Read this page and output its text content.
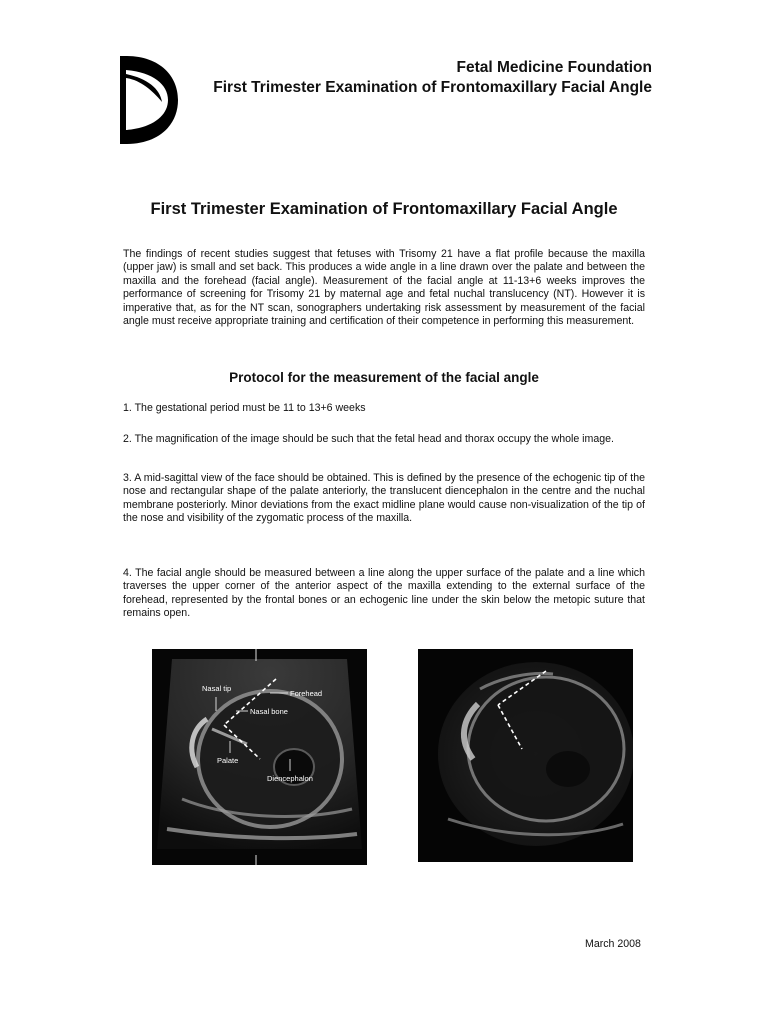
Fetal Medicine Foundation
First Trimester Examination of Frontomaxillary Facial Angle
First Trimester Examination of Frontomaxillary Facial Angle
The findings of recent studies suggest that fetuses with Trisomy 21 have a flat profile because the maxilla (upper jaw) is small and set back. This produces a wide angle in a line drawn over the palate and between the maxilla and the forehead (facial angle). Measurement of the facial angle at 11-13+6 weeks improves the performance of screening for Trisomy 21 by maternal age and fetal nuchal translucency (NT). However it is imperative that, as for the NT scan, sonographers undertaking risk assessment by measurement of the facial angle must receive appropriate training and certification of their competence in performing this measurement.
Protocol for the measurement of the facial angle
1. The gestational period must be 11 to 13+6 weeks
2. The magnification of the image should be such that the fetal head and thorax occupy the whole image.
3. A mid-sagittal view of the face should be obtained. This is defined by the presence of the echogenic tip of the nose and rectangular shape of the palate anteriorly, the translucent diencephalon in the centre and the nuchal membrane posteriorly. Minor deviations from the exact midline plane would cause non-visualization of the tip of the nose and visibility of the zygomatic process of the maxilla.
4. The facial angle should be measured between a line along the upper surface of the palate and a line which traverses the upper corner of the anterior aspect of the maxilla extending to the external surface of the forehead, represented by the frontal bones or an echogenic line under the skin below the metopic suture that remains open.
Nasal tip
Forehead
Nasal bone
Palate
Diencephalon
March 2008
